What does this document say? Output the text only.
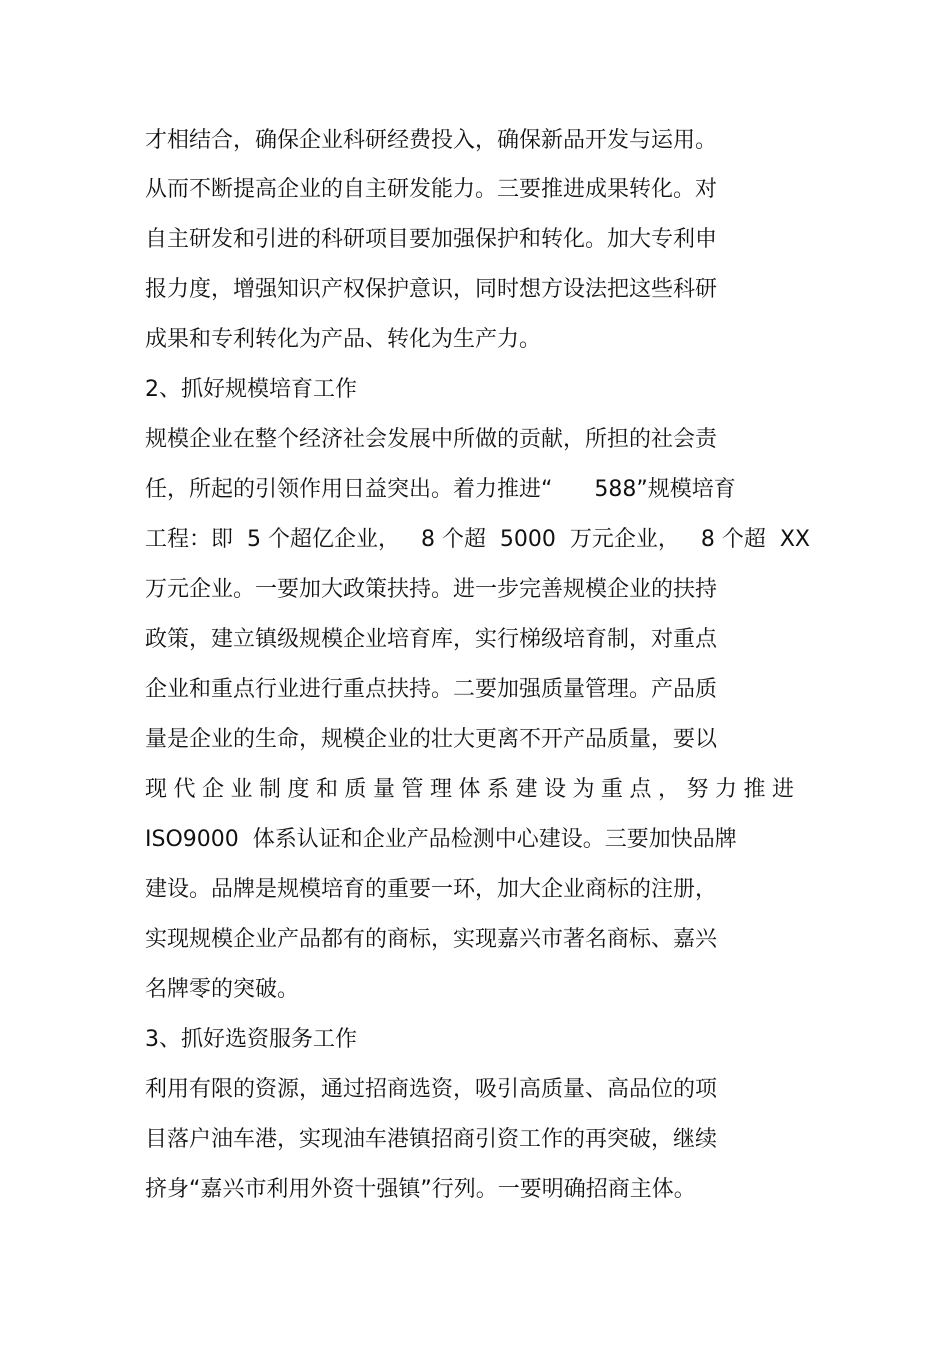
才相结合，确保企业科研经费投入，确保新品开发与运用。

从而不断提高企业的自主研发能力。三要推进成果转化。对

自主研发和引进的科研项目要加强保护和转化。加大专利申

报力度，增强知识产权保护意识，同时想方设法把这些科研

成果和专利转化为产品、转化为生产力。

2、抓好规模培育工作

规模企业在整个经济社会发展中所做的贡献，所担的社会责

任，所起的引领作用日益突出。着力推进“      588”规模培育

工程：即  5 个超亿企业，   8 个超  5000  万元企业，   8 个超  XX

万元企业。一要加大政策扶持。进一步完善规模企业的扶持

政策，建立镇级规模企业培育库，实行梯级培育制，对重点

企业和重点行业进行重点扶持。二要加强质量管理。产品质

量是企业的生命，规模企业的壮大更离不开产品质量，要以

现代企业制度和质量管理体系建设为重点，努力推进

ISO9000  体系认证和企业产品检测中心建设。三要加快品牌

建设。品牌是规模培育的重要一环，加大企业商标的注册，

实现规模企业产品都有的商标，实现嘉兴市著名商标、嘉兴

名牌零的突破。

3、抓好选资服务工作

利用有限的资源，通过招商选资，吸引高质量、高品位的项

目落户油车港，实现油车港镇招商引资工作的再突破，继续

挤身“嘉兴市利用外资十强镇”行列。一要明确招商主体。
